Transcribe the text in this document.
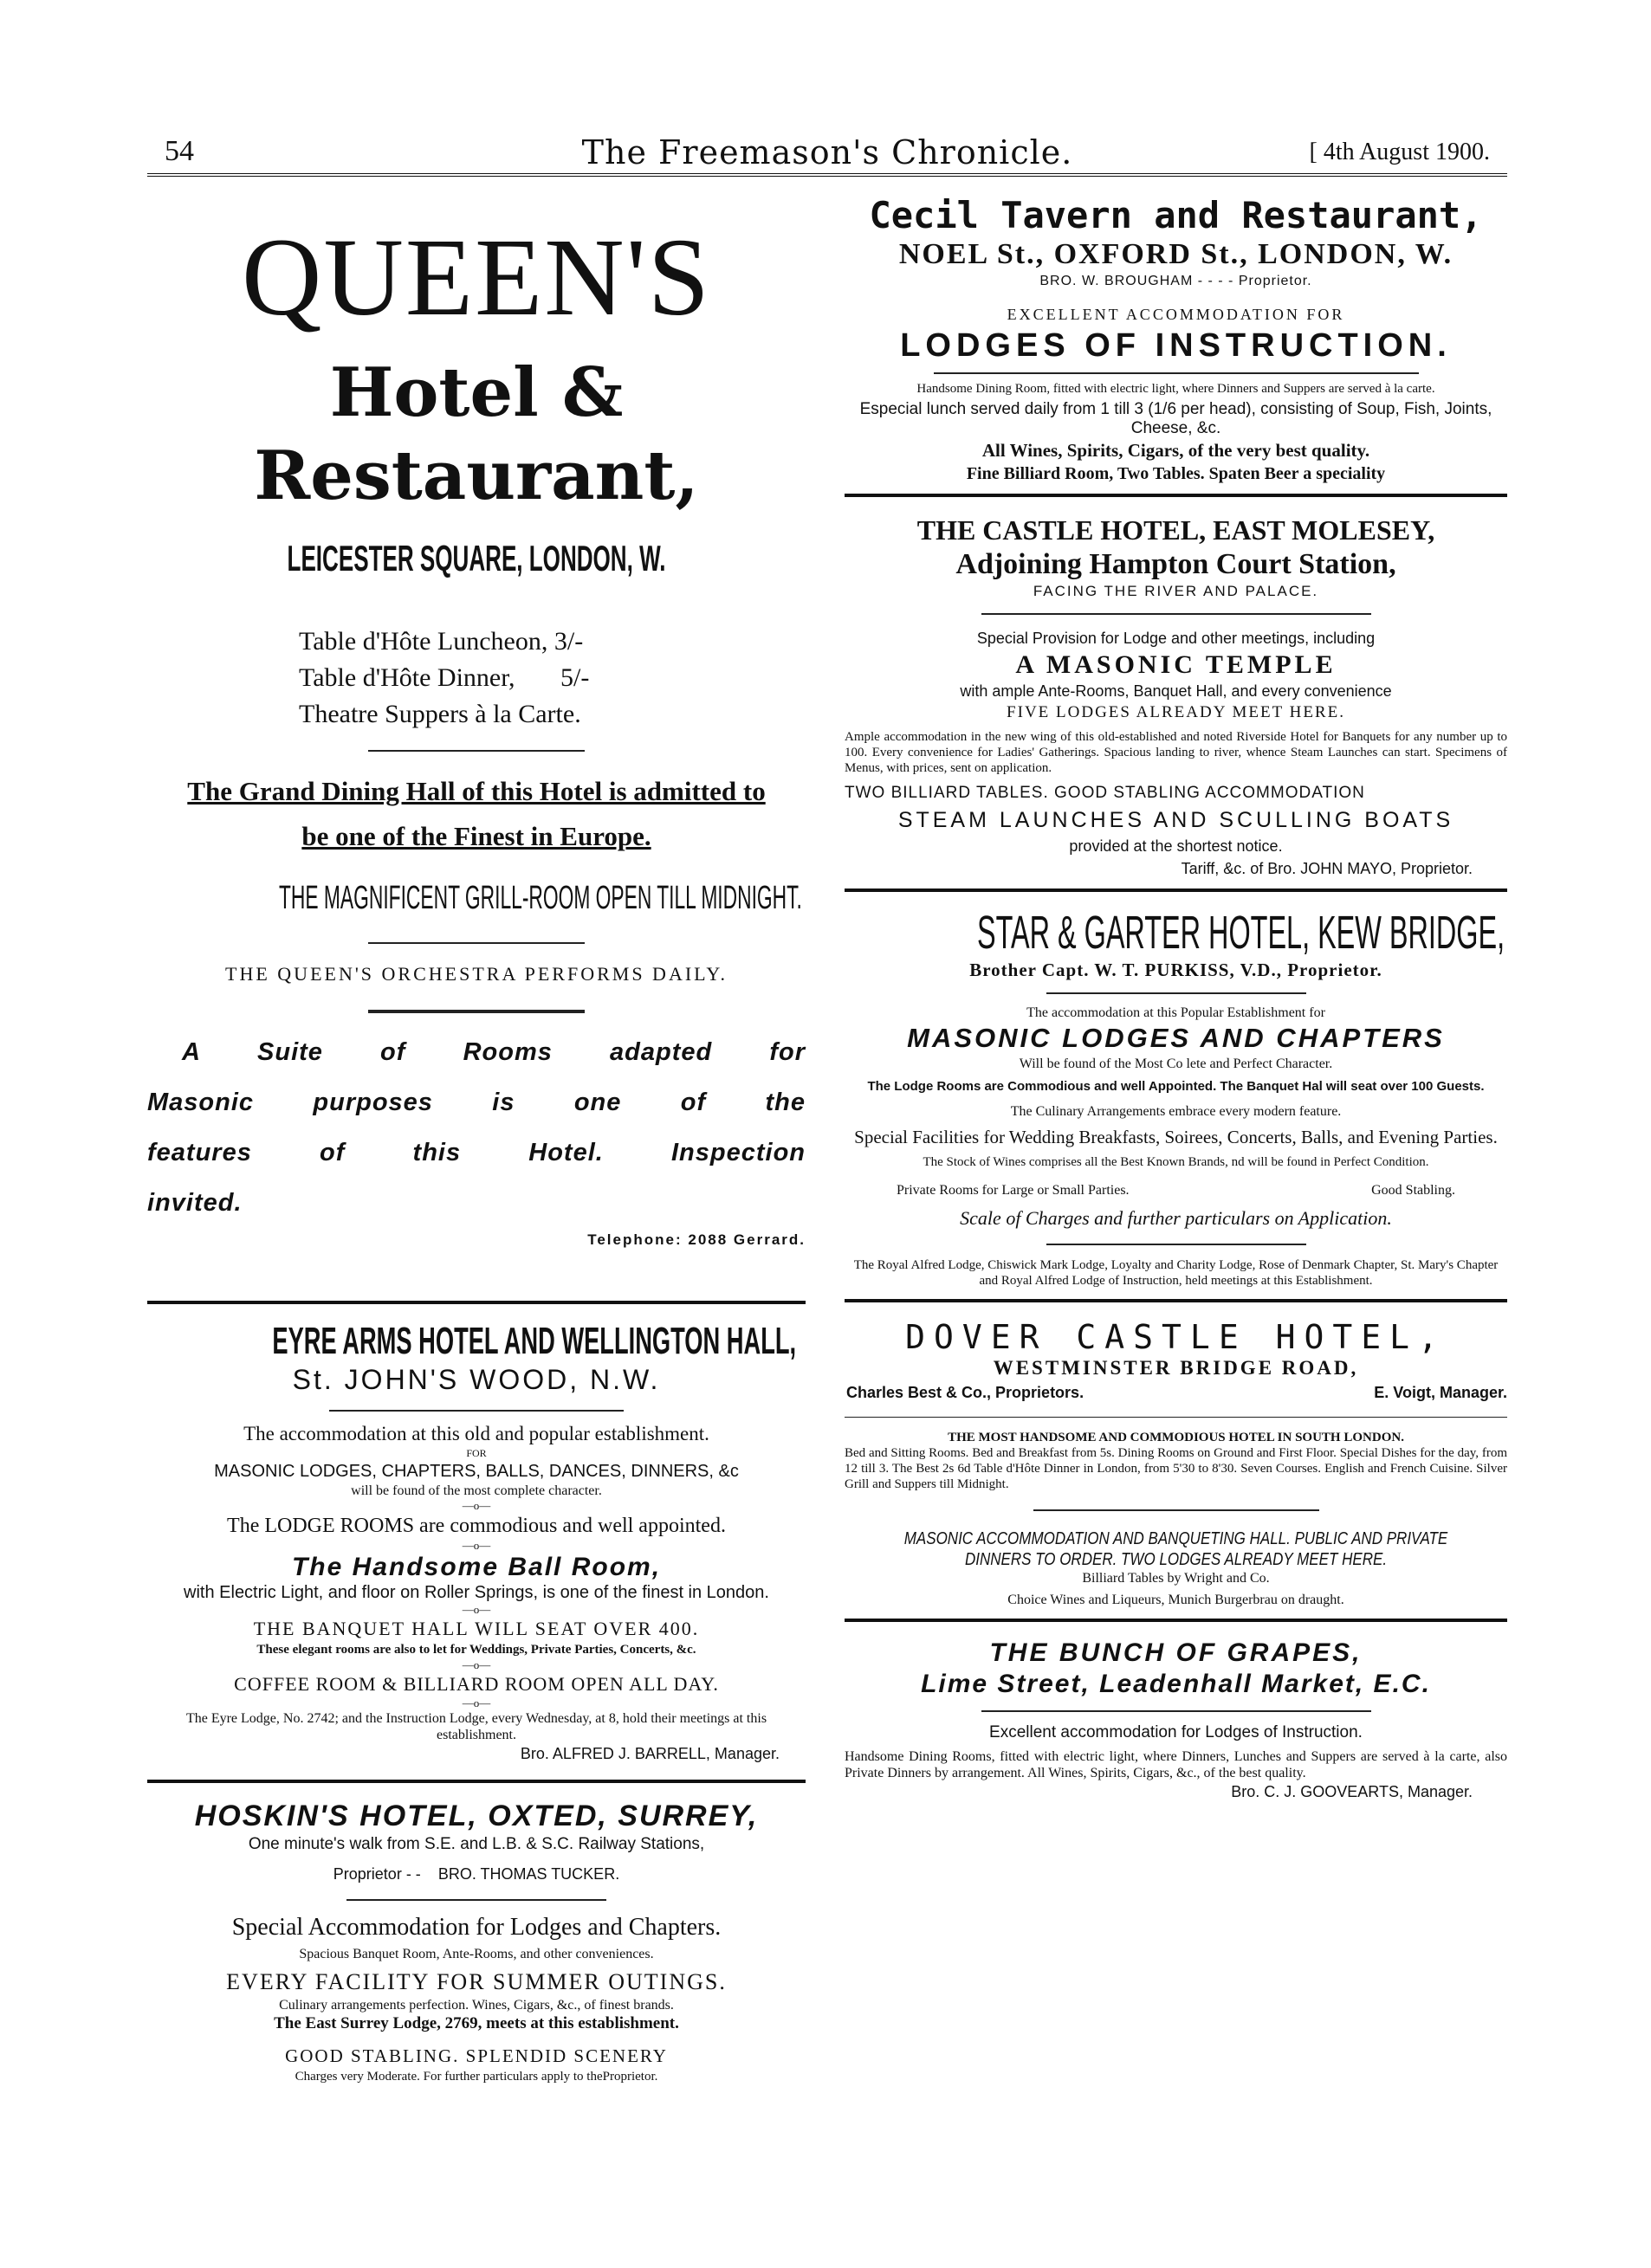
54	The Freemason's Chronicle.	[ 4th August 1900.
QUEEN'S
Hotel & Restaurant,
LEICESTER SQUARE, LONDON, W.
Table d'Hôte Luncheon, 3/-
Table d'Hôte Dinner, 5/-
Theatre Suppers à la Carte.
The Grand Dining Hall of this Hotel is admitted to
be one of the Finest in Europe.
THE MAGNIFICENT GRILL-ROOM OPEN TILL MIDNIGHT.
THE QUEEN'S ORCHESTRA PERFORMS DAILY.
A Suite of Rooms adapted for
Masonic purposes is one of the
features of this Hotel. Inspection
invited.
Telephone: 2088 Gerrard.
EYRE ARMS HOTEL AND WELLINGTON HALL,
St. JOHN'S WOOD, N.W.
The accommodation at this old and popular establishment.
FOR
MASONIC LODGES, CHAPTERS, BALLS, DANCES, DINNERS, &c
will be found of the most complete character.
—o—
The LODGE ROOMS are commodious and well appointed.
—o—
The Handsome Ball Room,
with Electric Light, and floor on Roller Springs, is one of the finest in London.
—o—
THE BANQUET HALL WILL SEAT OVER 400.
These elegant rooms are also to let for Weddings, Private Parties, Concerts, &c.
—o—
COFFEE ROOM & BILLIARD ROOM OPEN ALL DAY.
—o—
The Eyre Lodge, No. 2742; and the Instruction Lodge, every Wednesday, at 8, hold their meetings at this establishment.
Bro. ALFRED J. BARRELL, Manager.
HOSKIN'S HOTEL, OXTED, SURREY,
One minute's walk from S.E. and L.B. & S.C. Railway Stations,
Proprietor - - BRO. THOMAS TUCKER.
Special Accommodation for Lodges and Chapters.
Spacious Banquet Room, Ante-Rooms, and other conveniences.
EVERY FACILITY FOR SUMMER OUTINGS.
Culinary arrangements perfection. Wines, Cigars, &c., of finest brands.
The East Surrey Lodge, 2769, meets at this establishment.
GOOD STABLING. SPLENDID SCENERY
Charges very Moderate. For further particulars apply to theProprietor.
Cecil Tavern and Restaurant,
NOEL St., OXFORD St., LONDON, W.
BRO. W. BROUGHAM - - - - Proprietor.
EXCELLENT ACCOMMODATION FOR
LODGES OF INSTRUCTION.
Handsome Dining Room, fitted with electric light, where Dinners and Suppers are served à la carte.
Especial lunch served daily from 1 till 3 (1/6 per head), consisting of Soup, Fish, Joints, Cheese, &c.
All Wines, Spirits, Cigars, of the very best quality.
Fine Billiard Room, Two Tables. Spaten Beer a speciality
THE CASTLE HOTEL, EAST MOLESEY,
Adjoining Hampton Court Station,
FACING THE RIVER AND PALACE.
Special Provision for Lodge and other meetings, including
A MASONIC TEMPLE
with ample Ante-Rooms, Banquet Hall, and every convenience
FIVE LODGES ALREADY MEET HERE.
Ample accommodation in the new wing of this old-established and noted Riverside Hotel for Banquets for any number up to 100. Every convenience for Ladies' Gatherings. Spacious landing to river, whence Steam Launches can start. Specimens of Menus, with prices, sent on application.
TWO BILLIARD TABLES. GOOD STABLING ACCOMMODATION
STEAM LAUNCHES AND SCULLING BOATS
provided at the shortest notice.
Tariff, &c. of Bro. JOHN MAYO, Proprietor.
STAR & GARTER HOTEL, KEW BRIDGE,
Brother Capt. W. T. PURKISS, V.D., Proprietor.
The accommodation at this Popular Establishment for
MASONIC LODGES AND CHAPTERS
Will be found of the Most Co lete and Perfect Character.
The Lodge Rooms are Commodious and well Appointed. The Banquet Hal will seat over 100 Guests.
The Culinary Arrangements embrace every modern feature.
Special Facilities for Wedding Breakfasts, Soirees, Concerts, Balls, and Evening Parties.
The Stock of Wines comprises all the Best Known Brands, nd will be found in Perfect Condition.
Private Rooms for Large or Small Parties.	Good Stabling.
Scale of Charges and further particulars on Application.
The Royal Alfred Lodge, Chiswick Mark Lodge, Loyalty and Charity Lodge, Rose of Denmark Chapter, St. Mary's Chapter and Royal Alfred Lodge of Instruction, held meetings at this Establishment.
DOVER CASTLE HOTEL,
WESTMINSTER BRIDGE ROAD,
Charles Best & Co., Proprietors.	E. Voigt, Manager.
THE MOST HANDSOME AND COMMODIOUS HOTEL IN SOUTH LONDON.
Bed and Sitting Rooms. Bed and Breakfast from 5s. Dining Rooms on Ground and First Floor. Special Dishes for the day, from 12 till 3. The Best 2s 6d Table d'Hôte Dinner in London, from 5'30 to 8'30. Seven Courses. English and French Cuisine. Silver Grill and Suppers till Midnight.
MASONIC ACCOMMODATION AND BANQUETING HALL. PUBLIC AND PRIVATE DINNERS TO ORDER. TWO LODGES ALREADY MEET HERE.
Billiard Tables by Wright and Co.
Choice Wines and Liqueurs, Munich Burgerbrau on draught.
THE BUNCH OF GRAPES,
Lime Street, Leadenhall Market, E.C.
Excellent accommodation for Lodges of Instruction.
Handsome Dining Rooms, fitted with electric light, where Dinners, Lunches and Suppers are served à la carte, also Private Dinners by arrangement. All Wines, Spirits, Cigars, &c., of the best quality.
Bro. C. J. GOOVEARTS, Manager.
